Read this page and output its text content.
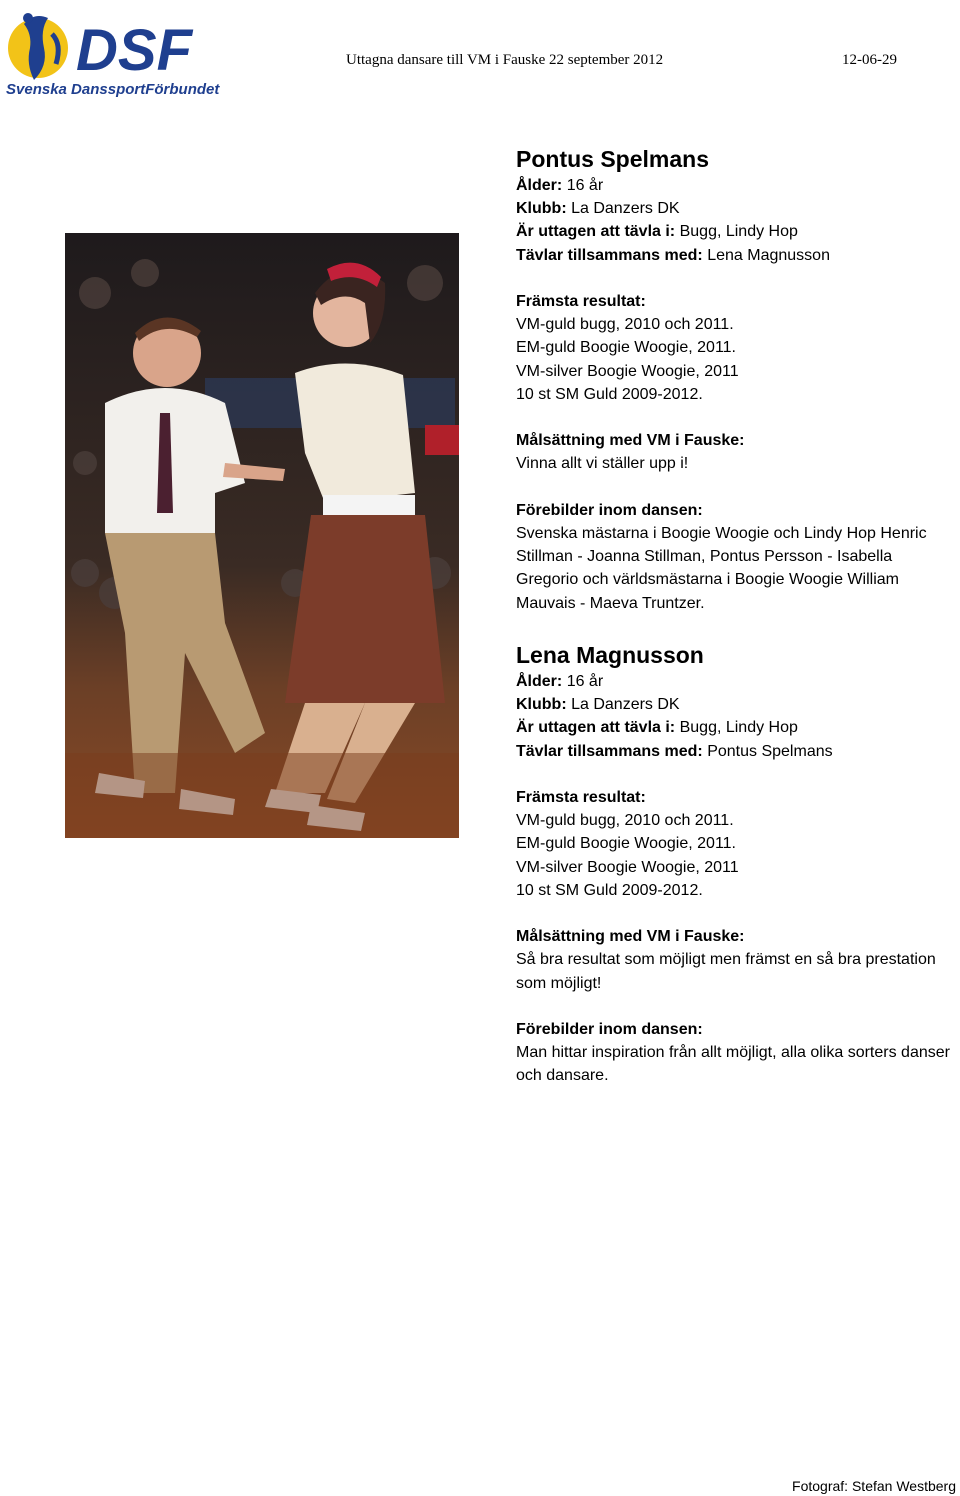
DSF
Svenska DanssportFörbundet
Uttagna dansare till VM i Fauske 22 september 2012	12-06-29

Pontus Spelmans

Ålder: 16 år

Klubb: La Danzers DK

Är uttagen att tävla i: Bugg, Lindy Hop

Tävlar tillsammans med: Lena Magnusson

Främsta resultat:

VM-guld bugg, 2010 och 2011.

EM-guld Boogie Woogie, 2011.

VM-silver Boogie Woogie, 2011

10 st SM Guld 2009-2012.

Målsättning med VM i Fauske:

Vinna allt vi ställer upp i!

Förebilder inom dansen:

Svenska mästarna i Boogie Woogie och Lindy Hop Henric Stillman - Joanna Stillman, Pontus Persson - Isabella Gregorio och världsmästarna i Boogie Woogie William Mauvais - Maeva Truntzer.

Lena Magnusson

Ålder: 16 år

Klubb: La Danzers DK

Är uttagen att tävla i: Bugg, Lindy Hop

Tävlar tillsammans med: Pontus Spelmans

Främsta resultat:

VM-guld bugg, 2010 och 2011.

EM-guld Boogie Woogie, 2011.

VM-silver Boogie Woogie, 2011

10 st SM Guld 2009-2012.

Målsättning med VM i Fauske:

Så bra resultat som möjligt men främst en så bra prestation som möjligt!

Förebilder inom dansen:

Man hittar inspiration från allt möjligt, alla olika sorters danser och dansare.

Fotograf: Stefan Westberg
